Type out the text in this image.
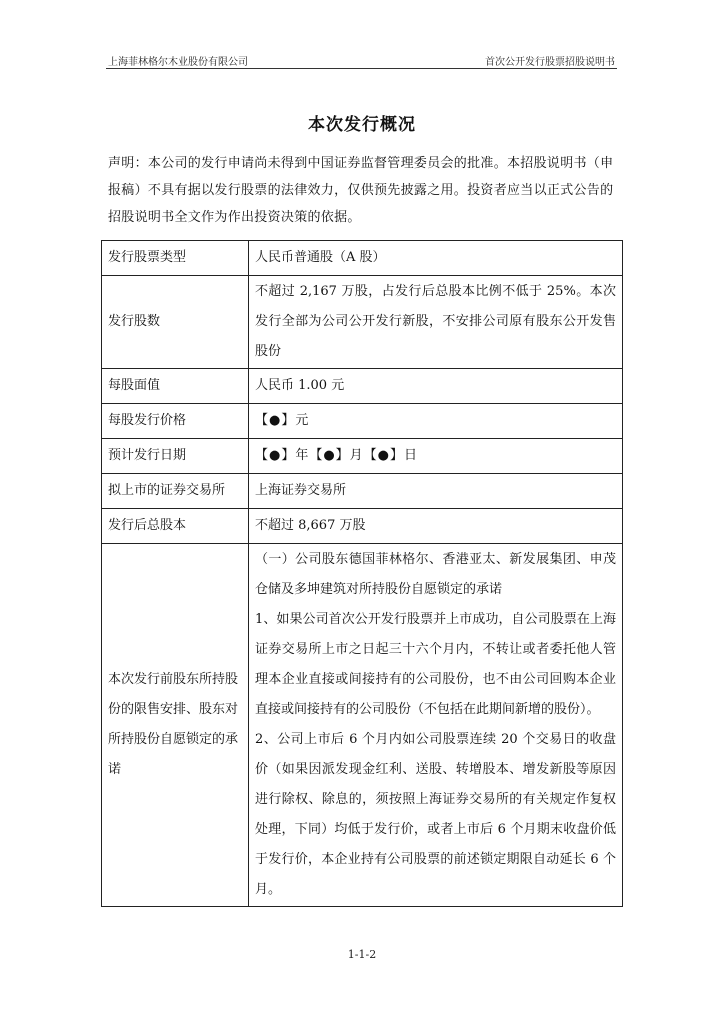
上海菲林格尔木业股份有限公司	首次公开发行股票招股说明书
本次发行概况
声明：本公司的发行申请尚未得到中国证券监督管理委员会的批准。本招股说明书（申报稿）不具有据以发行股票的法律效力，仅供预先披露之用。投资者应当以正式公告的招股说明书全文作为作出投资决策的依据。
发行股票类型	人民币普通股（A 股）
发行股数	不超过 2,167 万股，占发行后总股本比例不低于 25%。本次发行全部为公司公开发行新股，不安排公司原有股东公开发售股份
每股面值	人民币 1.00 元
每股发行价格	【●】元
预计发行日期	【●】年【●】月【●】日
拟上市的证券交易所	上海证券交易所
发行后总股本	不超过 8,667 万股
本次发行前股东所持股份的限售安排、股东对所持股份自愿锁定的承诺	（一）公司股东德国菲林格尔、香港亚太、新发展集团、申茂仓储及多坤建筑对所持股份自愿锁定的承诺
1、如果公司首次公开发行股票并上市成功，自公司股票在上海证券交易所上市之日起三十六个月内，不转让或者委托他人管理本企业直接或间接持有的公司股份，也不由公司回购本企业直接或间接持有的公司股份（不包括在此期间新增的股份）。
2、公司上市后 6 个月内如公司股票连续 20 个交易日的收盘价（如果因派发现金红利、送股、转增股本、增发新股等原因进行除权、除息的，须按照上海证券交易所的有关规定作复权处理，下同）均低于发行价，或者上市后 6 个月期末收盘价低于发行价，本企业持有公司股票的前述锁定期限自动延长 6 个月。
1-1-2
